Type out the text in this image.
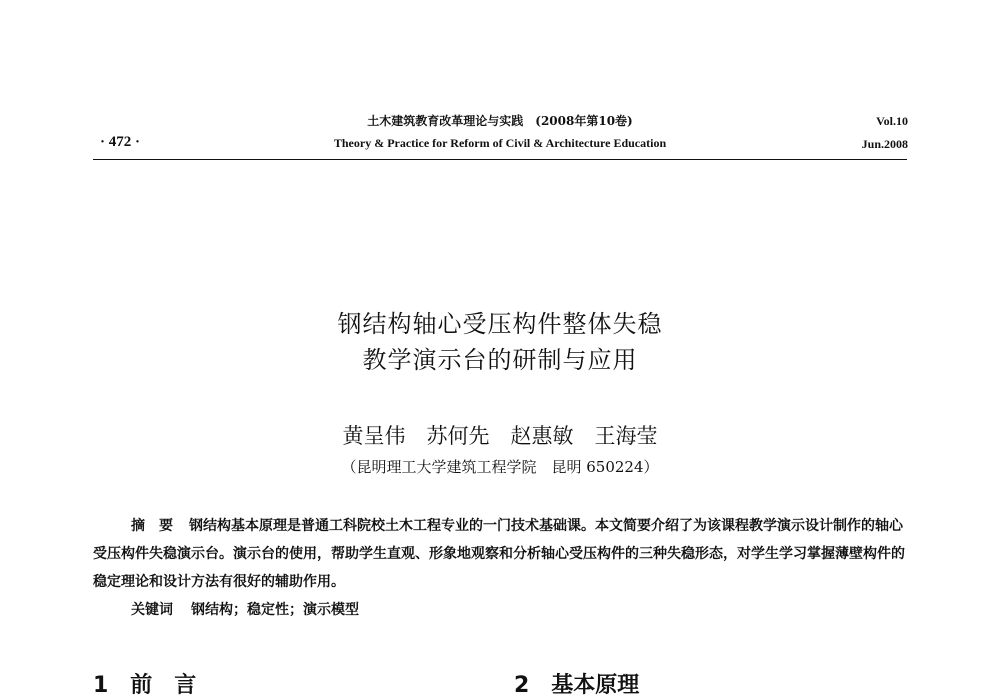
· 472 ·
土木建筑教育改革理论与实践　(2008年第10卷)
Theory & Practice for Reform of Civil & Architecture Education
Vol.10
Jun.2008
钢结构轴心受压构件整体失稳
教学演示台的研制与应用
黄呈伟　苏何先　赵惠敏　王海莹
（昆明理工大学建筑工程学院　昆明 650224）

摘　要 钢结构基本原理是普通工科院校土木工程专业的一门技术基础课。本文简要介绍了为该课程教学演示设计制作的轴心受压构件失稳演示台。演示台的使用，帮助学生直观、形象地观察和分析轴心受压构件的三种失稳形态，对学生学习掌握薄壁构件的稳定理论和设计方法有很好的辅助作用。

关键词 钢结构；稳定性；演示模型

1　前　言	2　基本原理
